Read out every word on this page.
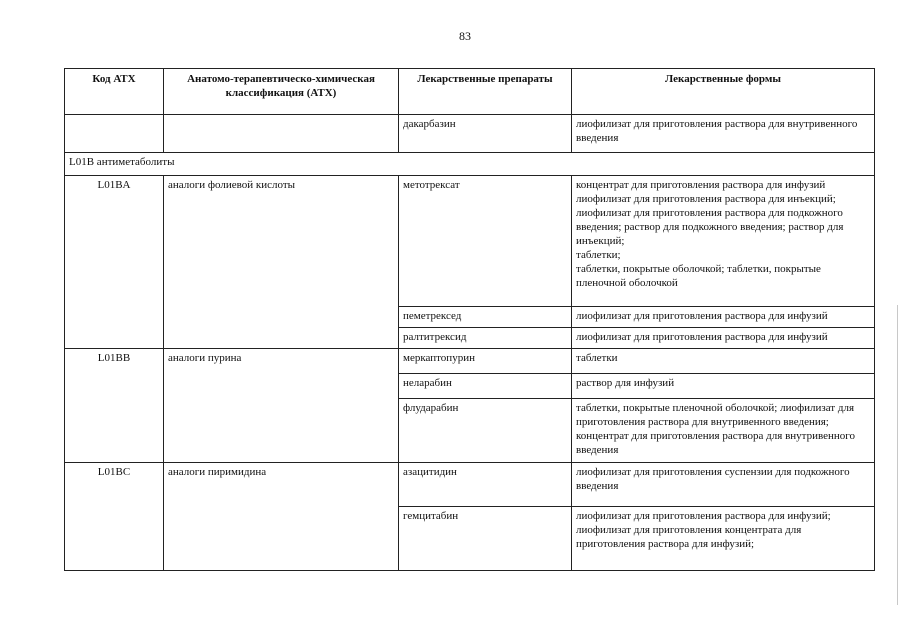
83
Код АТХ	Анатомо-терапевтическо-химическая классификация (АТХ)	Лекарственные препараты	Лекарственные формы
		дакарбазин	лиофилизат для приготовления раствора для внутривенного введения
L01B антиметаболиты			
L01BA	аналоги фолиевой кислоты	метотрексат	концентрат для приготовления раствора для инфузий
лиофилизат для приготовления раствора для инъекций; лиофилизат для приготовления раствора для подкожного введения; раствор для подкожного введения; раствор для инъекций;
таблетки;
таблетки, покрытые оболочкой; таблетки, покрытые пленочной оболочкой
		пеметрексед	лиофилизат для приготовления раствора для инфузий
		ралтитрексид	лиофилизат для приготовления раствора для инфузий
L01BB	аналоги пурина	меркаптопурин	таблетки
		неларабин	раствор для инфузий
		флударабин	таблетки, покрытые пленочной оболочкой; лиофилизат для приготовления раствора для внутривенного введения; концентрат для приготовления раствора для внутривенного введения
L01BC	аналоги пиримидина	азацитидин	лиофилизат для приготовления суспензии для подкожного введения
		гемцитабин	лиофилизат для приготовления раствора для инфузий; лиофилизат для приготовления концентрата для приготовления раствора для инфузий;
